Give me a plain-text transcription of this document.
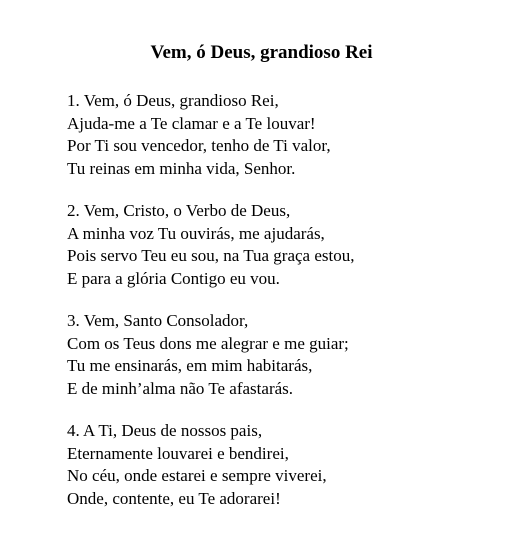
Vem, ó Deus, grandioso Rei
1. Vem, ó Deus, grandioso Rei,
Ajuda-me a Te clamar e a Te louvar!
Por Ti sou vencedor, tenho de Ti valor,
Tu reinas em minha vida, Senhor.
2. Vem, Cristo, o Verbo de Deus,
A minha voz Tu ouvirás, me ajudarás,
Pois servo Teu eu sou, na Tua graça estou,
E para a glória Contigo eu vou.
3. Vem, Santo Consolador,
Com os Teus dons me alegrar e me guiar;
Tu me ensinarás, em mim habitarás,
E de minh’alma não Te afastarás.
4. A Ti, Deus de nossos pais,
Eternamente louvarei e bendirei,
No céu, onde estarei e sempre viverei,
Onde, contente, eu Te adorarei!
